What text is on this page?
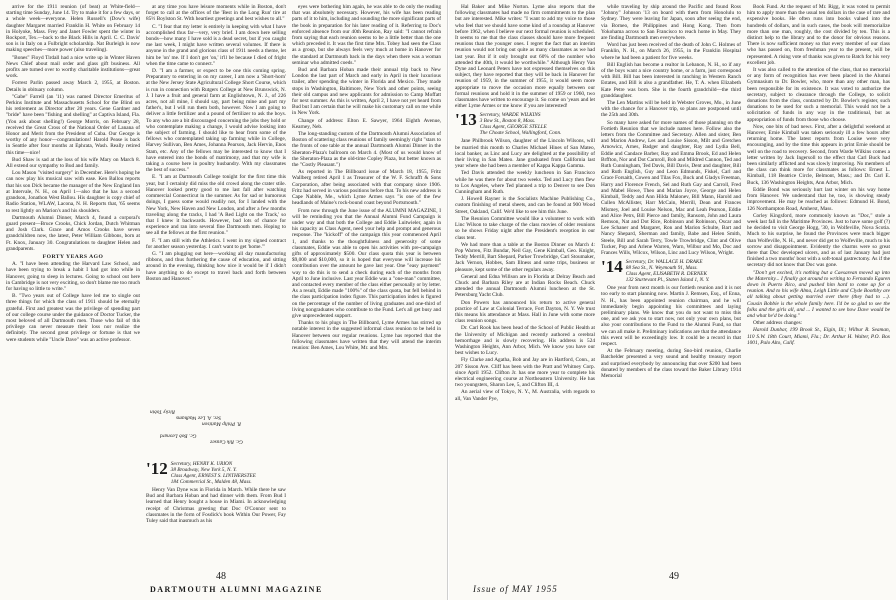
arrive for the 1911 reunion (of beat) at White-field—starting time Sunday, June 14. Try to make it for a few days, or a whole week—everyone. Helen Russell's (Dow's wife) daughter Margaret married Franklin H. White on February 14 in Holyoke, Mass. Frey and Janet Fowler spent the winter in Rockport, Tex.—back to the Black Hills in April. C. C. Davis' son is in Italy on a Fulbright scholarship. Nat Burleigh is now making speeches—more power (also traveling).

"Bones" Floyd Tirdall had a nice write up in Winter Haven News Chief about mail order and glass gift business. All profits are turned over to worthy charitable institutions—great work.

Forrest Parlin passed away March 2, 1955, at Boston. Details in obituary column.

"Gabe" Farrell (an '11) was named Director Emeritus of Perkins Institute and Massachusetts School for the Blind on his retirement as Director after 20 years. Gene Gardner and "bride" have been "fishing and shelling" at Captiva Island, Fla. (You ask about shelling!) George Morris, on February 28, received the Great Cross of the National Order of Lanana of Honor and Merit from the President of Cuba. Our George is worthy of any honor—congratulations! Harold Pease is back in Seattle after four months at Ephrata, Wash. Really retired this time—nice!

Bud Shaw is sad at the loss of his wife Mary on March 8. All extend our sympathy to Bud and family.

Lou Mason "visited surgery" in December. Here's hoping he can now play his musical saw with ease. Ken Ballou reports that his son Dick became the manager of the New England Inn at Intervale, N. H., on April 1—also that he has a second grandson, Jonathon West Ballou. His daughter is copy chief of Radio Station, WLAW, Lacona, N. H. Reports that, '65 seems to rest lightly on Marion's and his shoulders.

Dartmouth Alumni Dinner, March 4, found a corporal's guard present—Bruce Crooks, Chick Jordan, Dutch Whitman and Josh Clark. Grace and Amos Crooks have seven grandchildren now, the latest, Peter William Gibbons, born at Ft. Knox, January 30. Congratulations to daughter Helen and grandparents.

FORTY YEARS AGO

A. "I have been attending the Harvard Law School, and have been trying to break a habit I had got into while in Hanover, going to sleep in lectures. Going to school out here in Cambridge is not very exciting, so don't blame me too much for having so little to write."

B. "Two years out of College have led me to single out three things for which the class of 1911 should be eternally grateful. First and greatest was the privilege of spending part of our college course under the guidance of Doctor Tucker, the most beloved of all Dartmouth men. Those who fail of this privilege can never measure their loss nor realize the definitely. The second great privilege or fortune is that we were students while "Uncle Dave" was an active professor.

at any time you have leisure moments while in Boston, don't forget to call at the offices of the 'Best in the Long Run' tire at 85½ Boylston St. With heartiest greetings and best wishes to all."

C. "I fear that my letter is entirely in keeping with what I have accomplished thus far—very, very brief. I am down here selling bonds—how many I have sold is a dead secret, but if you caught me last week, I might have written several volumes. If there is anyone in the grand and glorious class of 1911 needs a theme, let him be 'on' me. If I don't get 'on,' it'll be because I died of fright when the time came to connect."

D. "I am a farmer, or expect to be one this coming spring. Preparatory to entering in on my career, I am now a 'Short-horn' at the New Jersey State Agricultural College Short Course, which is run in connection with Rutgers College at New Brunswick, N. J. I have a fruit and general farm at Englishtown, N. J., of 226 acres, not all mine, I should say, part being mine and part my father's, but I will run them both, however. Now I am going to deliver a little fertilizer and a pound of fertilizer to ask the boys. To any who are a bit discouraged concerning the jobs they hold or who contemplate making a change, I would advise looking into the subject of farming. I should like to hear from some of the fellows who contemplated taking up farming while in College, Harvey Sullivan, Ben Ames, Johanna Pearson, Jack Hervin, Enos Stam, etc. Any of the fellows may be interested to know that I have entered into the bonds of matrimony, and that my wife is taking a course here in poultry husbandry. With my classmates the best of success."

E. "I am at Dartmouth College tonight for the first time this year, but I certainly did miss the old crowd along the crater stile. Hanover looked pretty good to me last fall after watching commercial Connecticut in the summer. As for sad or humorous doings, I guess some would readily not, for I landed with the New York, New Haven and New London, and after a few months traveling along the tracks, I had 'A Red Light on the Track,' so that I knew it backwards. However, bad lots of chance for experience and ran into several fine Dartmouth men. Hoping to see all the fellows at the first reunion."

F. "I am still with the Athletics. I went in my signed contract for another season yesterday. I can't want to get 'home.'"

G. "I am plugging out here—working all day manufacturing ribbons, and thus furthering the cause of education, and sitting around in the evening, thinking how nice it would be if I didn't have anything to do except to travel back and forth between Boston and Hanover."

Ricky Tobin
Sec. A. Lee Wadhams
R. Philip Mattison
Gc. Bob Leonard
Gc. Rik Causee
'12 Secretary, HENRY K. URION
38 Broadway, New York 5, N. Y.
Class Agent, ERNEST S. LINTHERSTEE
184 Commercial St., Malden 48, Mass.

Henry Van Dyne was in Florida in March. While there he saw Bud and Barbara Hoban and had dinner with them. From Bud I learned that Henry bought a house in Miami. In acknowledging receipt of Christmas greeting that Doc O'Connor sent to classmates in the form of Fosdick's book Within Our Power, Fay Tuley said that inasmuch as his

eyes were bothering him again, he was able to do only the reading that was absolutely necessary. However, his wife has been reading parts of it to him, including and sounding the more significant parts of the book in preparation for his later reading of it. Referring to Doc's enforced absence from our 40th Reunion, Ray said: "I cannot refrain from saying that each reunion seems to be a little better than the one which preceded it. It was the first time Mrs. Tobey had seen the Class as a group, but she always feels very much at home in Hanover for the standard at Dartmouth back in the days when there was a woman seminar who admitted coeds."

Bud and Barbara Hoban made their annual trip back to New London the last part of March and early in April in their luxurious trailer, after spending the winter in Florida and Mexico. They made stops in Washington, Baltimore, New York and other points, seeing their old campus and new applicants for admission to Camp Moffatt for next summer. As this is written, April 2, I have not yet heard from Bud but I am certain that he will make his customary call on me while in New York.

Change of address: Elton E. Sawyer, 1964 Eighth Avenue, Kearney, Neb.

The long-standing custom of the Dartmouth Alumni Association of Boston of scattering class reunions of family seemingly right "stars to the fronts of one table at the annual Dartmouth Alumni Dinner in the Sheraton-Plaza's ballroom on March 4. (Most of us would know of the Sheraton-Plaza as the old-time Copley Plaza, but better known as the "Costly Pleasant.")

As reported in The Billboard issue of March 18, 1955, Fritz Wallberg retired April 1 as Treasurer of the W. F. Schrafft & Sons Corporation, after being associated with that company since 1906. Fritz had served in various positions before that. To his new address is Cape Nabble, Me., which Lyme Armes says "is one of the few headlands of Maine's rock-bound coast beyond Portsmouth."

From now through the June issue of the ALUMNI MAGAZINE, I will be reminding you that the Annual Alumni Fund Campaign is under way and that both the College and Eddie Luitwieler, again in his capacity as Class Agent, need your help and prompt and generous response. The "kickoff" of the campaign this year commenced April 1, and thanks to the thoughtfulness and generosity of some classmates, Eddie was able to open his activities with pre-campaign gifts of approximately $500. Our class quota this year is between $9,000 and $10,000, so it is hoped that everyone will increase his contribution over the amount he gave last year. One "easy payment" way to do this is to send a check during each of the months from April to June inclusive. Last year Eddie was a "one-man" committee, and contacted every member of the class either personally or by letter. As a result, Eddie made "100%" of the class quota, but fell behind in the class participation index figure. This participation index is figured on the percentage of the number of living graduates and one-third of living nongraduates who contribute to the Fund. Let's all get busy and give unprecedented support.

Thanks to his plugs in The Billboard, Lyme Armes has stirred up notable interest in the suggested informal class reunion to be held in Hanover between our regular reunions. Lyme has reported that the following classmates have written that they will attend the interim reunion: Ben Ames, Lou White, Mr. and Mrs.

48
DARTMOUTH ALUMNI MAGAZINE

Hal Baker and Mike Norton. Lyme also reports that the following classmates had made no firm commitments to the plan but are interested. Mike writes: "I want to add my voice to those who feel that we should have some kind of a roundup at Hanover before 1962, when I believe our next formal reunion is scheduled. It seems to me that the class classes should have more frequent reunions than the younger ones. I regret the fact that an interim reunion would not bring out quite as many classmates as we had last year. But if it only brought out 60% of the number who attended the 40th, it would be worthwhile." Although Henry Van Dyne and Leonard Peters have not expressed themselves on this subject, they have reported that they will be back in Hanover for reunion of 1959, in the summer of 1955, it would seem more appropriate to move the occasion more equally between our formal reunions and hold it in the summer of 1959 or 1960, two classmates have written to encourage it. So come on 'years and let either Lyme Armes or me know if you are interested!

'13 Secretary, WARDE WILKINS
3 Bow St., Boston 8, Mass.
Class Agent, GEORGE STELLE
The Choate School, Wallingford, Conn.

Jane Philbrook Wilson, daughter of the Lincoln Wilsons, will be married this month to Charles Michael Hines of San Mateo, local banker, as Linc and Lucy are delighted at the possibility of their living in San Mateo. Jane graduated from California last year where she had been a member of Kappa Kappa Gamma.

Ted Davis attended the weekly luncheon in San Francisco while he was there for about two weeks. Ted and Lucy then flew to Los Angeles, where Ted planned a trip to Denver to see Don Cunningham and Ruth.

J. Howell Rayner is the Socialists Machine Publishing Co., custom finishing of metal sheets, and can be found at 900 Wood Street, Oakland, Calif. We'd like to see him this June.

The Reunion Committee would like a volunteer to work with Linc Wilson to take charge of the class movies of older reunions so he shows Friday night after the President's reception in our class tent.

We had more than a table at the Boston Dinner on March 4: Pop Warren, Fitz Bundar, Neil Gay, Gene Kimball, Geo. Knight, Teddy Merrill, Bart Shepard, Parker Trowbridge, Carl Stoumaker, Jack Vernon, Hobbes, Sam Illness and some trips, business or pleasure, kept some of the other regulars away.

General and Edna Willson are in Florida at Delray Beach and Chuck and Barbara Riley are at Indian Rocks Beach. Chuck attended the annual Dartmouth Alumni luncheon at the St. Petersburg Yacht Club.

Don Powers has announced his return to active general practice of Law at Colonial Terrace, Fort Dayton, N. Y. We trust this means his attendance at Mass. Hall in June with some more class reunion songs.

Dr. Carl Rook has been head of the School of Public Health at the University of Michigan and recently authored a cerebral hemorrhage and is slowly recovering. His address is 524 Washington Heights, Ann Arbor, Mich. We know you have our best wishes to Lucy.

Fly Clarke and Agatha, Bob and Jay are in Hartford, Conn., at 207 Sisson Ave. Cliff has been with the Pratt and Whitney Corp. since April 1952. Clifton Jr. has one more year to complete his electrical engineering course at Northeastern University. He has two youngsters, Sharon Lee, 5, and Clifton III, 4.

An aerial view of Tokyo, N. Y., M. Australia, with regards to all, Van Vander Pye,

while traveling by ship around the Pacific and found Ross "Johnny" Johnson '13 on board with them from Honolulu to Sydney. They were leaving for Japan, soon after seeing the end, via Borneo, the Philippines and Hong Kong. Then from Yokohama across to San Francisco to reach home in May. They are finding Dartmouth men everywhere.

Word has just been received of the death of John C. Holmes of Franklin, N. H., on March 26, 1955, in the Franklin Hospital where he had been a patient for five weeks.

Bill English has become a realtor in Lebanon, N. H., so if any of the boys want a nice country home, or a farm, just correspond with Bill. Bill has been interested in ranching in Western Ranch Estates, and Bill is also a grandfather. He, T. A. when Elizabeth Kate Petre was born. She is the fourth grandchild—the third granddaughter.

The Len Martins will be held in Webster Groves, Mo., in June with the chance for a Hanover trip, so plans are postponed until the 25th and 30th.

So many have asked for more names of those planning on the Fortieth Reunion that we include names here. Follow also the letters from the Committee and Secretary. Allen and sister, Ben and Marion Andrew, Les and Louise Sisson, Milt and Gretchen Arnowicz, Arnes, Badger and daughter, Ray and Lydia Bell, Eddie and Candace Barber, Ray and Emma Brook, Ed and Helen Brffton, Nor and Dot Carnroll, Bob and Mildred Cannon, Ted and Ruth Cunningham, Ted Davis, Bill Davis, Dent and daughter, Bill and Ruth English, Guy and Leon Edmunds, Fiskel, Carl and Grace Forsaith, Cowen and Tilas Fox, Buck and Gladys Freeman, Harry and Florence French, Sel and Ruth Gay and Carroll, Fred and Mabel Howe, Theo and Marian Joyce, George and Helen Kimball, Teddy and Ann Hilda Malonev, Bill Mann, Harold and Cullen McAllister, Harr McCain, Merrill, Dean and Frances Mismey, Joel and Louise Nelson, Mac and Leah Pearson, Eddie and Alice Petrs, Bill Pierce and family, Ransom, John and Laura Remson, Nat and Dot Rice, Robinson and Robinson, Oscar and Lee Schaner and Margaret, Ron and Marion Schulte, Bart and Nancy Shepard, Sherman and family, Babe and Helen Smith, Steele, Bill and Sarah Terry, Towle Trowbridge, Clint and Olive Tucker, Pop and Arlene Warren, Warn, Wilbur and Mo, Doc and Frances Wills, Wilcox, Wilson, Linc and Lucy Wilson, Wright.

'14 Secretary, Dr. WALLACE H. DRAKE
88 Sea St., N. Weymouth 91, Mass.
Class Agent, ELISABETH R. DERNEK
132 Sturtevant Pl., Staten Island 1, N. Y.

One year from next month is our fortieth reunion and it is not too early to start planning now. Martin J. Remsen, Esq., of Enna, N. H., has been appointed reunion chairman, and he will immediately begin appointing his committees and laying preliminary plans. We know that you do not want to miss this one, and we ask you to start now, not only your own plans, but also your contributions to the Fund to the Alumni Fund, so that we can all make it. Preliminary indications are that the attendance this event will be exceedingly low. It could be a record in that respect.

At the February meeting, during Sno-bird reunion, Charlie Batchelder presented a very sound and healthy treasury report and surprised everybody by announcing that over $200 had been donated by members of the class toward the Baker Library 1914 Memorial

Book Fund. At the request of Mr. Rigg, it was voted to permit him to apply more than the usual ten dollars in the case of rare and expensive books. He often runs into books valued into the hundreds of dollars, and in such cases, the book will memorialize more than one man, roughly, the cost divided by ten. This is a distinct help to the library and to the donor for obvious reasons. There is now sufficient money so that every member of our class who has passed on, from freshman year to the present, will be represented. A rising vote of thanks was given to Batch for his very excellent job.

It was also called to the attention of the class, that no memorial or any form of recognition has ever been placed in the Alumni Gymnasium to Dr. Bowler, who, more than any other man, has been responsible for its existence. It was voted to authorize the secretary, subject to clearance through the College, to solicit donations from the class, contacted by Dr. Bowler's register, such donations to be used for such a memorial. This would not be a solicitation of funds in any way in the traditional, but as appropriation of funds from those who choose.

Now, one bits of bad news. First, after a delightful weekend at Hanover, Ernie Kimball was taken seriously ill a few hours after returning home. The latest reports from Louise were very encouraging, and by the time this appears in print Ernie should be well on the road to recovery. Second, from Warde Wilkins comes a letter written by Jack Ingersoll to the effect that Carl Buck had been similarly afflicted and was slowly improving. No members of the class can think more for classmates as follows: Ernest L. Kimball, 118 Beatrice Circle, Belmont, Mass.; and Dr. Carl E. Buck, 136 Washington Heights, Ann Arbor, Mich.

Eddie Bond was seriously hurt last winter on his way home from Hanover. We understand that he, too, is showing steady improvement. He may be reached as follows: Edmund H. Bond, 126 Northampton Road, Amherst, Mass.

Corley Kingsford, more commonly known as "Doc," stole a week last fall in the Maritime Provinces. Just to have some golf (?) he decided to visit George Hogg, '30, in Wolfeville, Nova Scotia. Much to his surprise, he found the Provinces were much bigger than Wolfeville, N. H., and never did get to Wolfeville, much to his sorrow and disappointment. Evidently the charms were so great there that Doc developed ulcers, and as of last January had just finished a two months' bout with a soft-tonal gastrectomy. As if the secretary did not know that Doc was gone.

"Don't get excited, it's nothing but a Caesarean moved up into the Maternity... I finally got around to writing to Fernando Eguren down in Puerto Rico, and pushed him hard to come up for a reunion. And to his wife Alma, Leigh Little and Clyde Boothby are all talking about getting married over there (they had to ...). Cousin Bobbie is the whole family here. I'd be so glad to see the folks and the girls all, and ... I wanted to see how Dave would be and what he'd be doing."

Other address changes:

Harold Dunbar, 199 Brook St., Elgin, Ill.; Wilbur R. Seaman, 110 S.W. 18th Court, Miami, Fla.; Dr. Arthur H. Walter, P.O. Box 1001, Palo Alto, Calif.

49
Issue of MAY 1955
